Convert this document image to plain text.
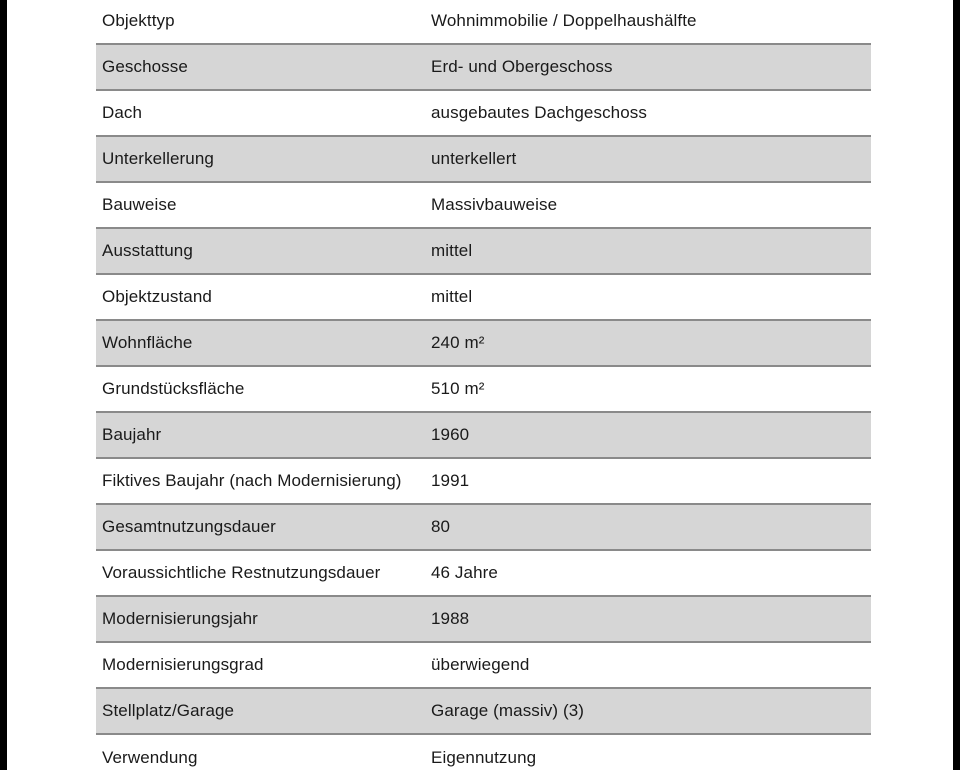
Objekttyp	Wohnimmobilie / Doppelhaushälfte
Geschosse	Erd- und Obergeschoss
Dach	ausgebautes Dachgeschoss
Unterkellerung	unterkellert
Bauweise	Massivbauweise
Ausstattung	mittel
Objektzustand	mittel
Wohnfläche	240 m²
Grundstücksfläche	510 m²
Baujahr	1960
Fiktives Baujahr (nach Modernisierung)	1991
Gesamtnutzungsdauer	80
Voraussichtliche Restnutzungsdauer	46 Jahre
Modernisierungsjahr	1988
Modernisierungsgrad	überwiegend
Stellplatz/Garage	Garage (massiv) (3)
Verwendung	Eigennutzung
